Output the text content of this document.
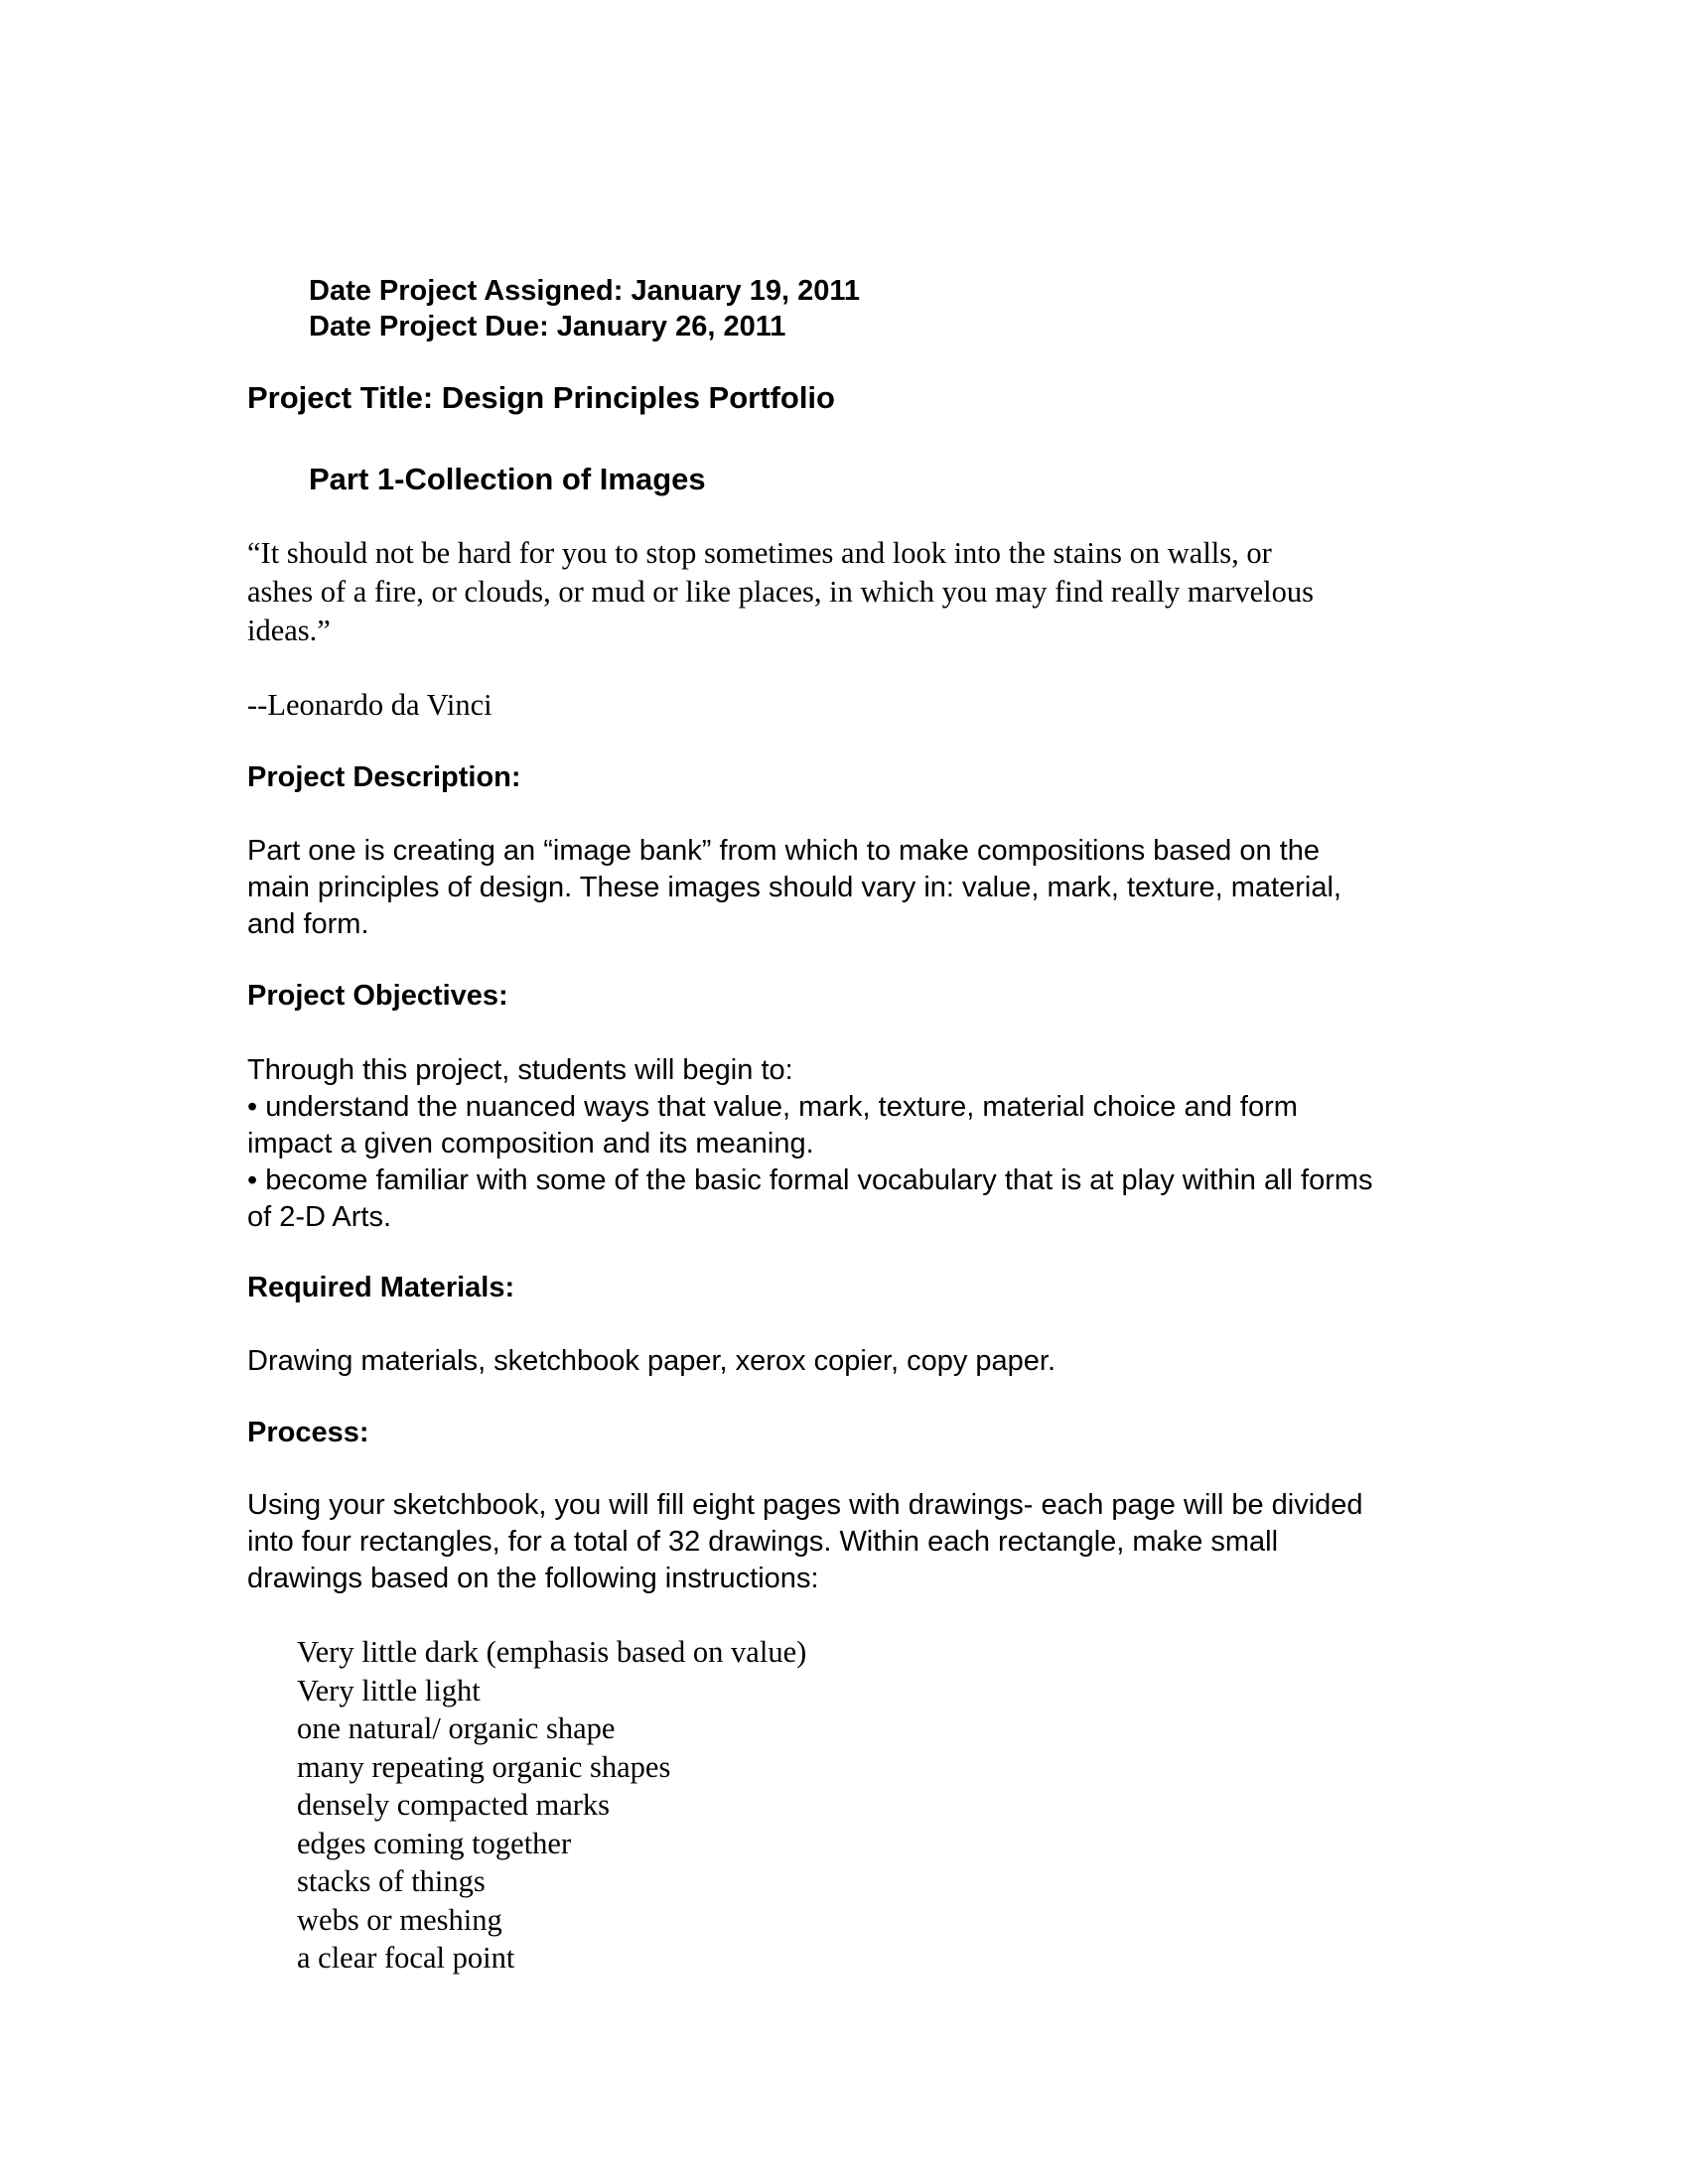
Date Project Assigned: January 19, 2011
Date Project Due: January 26, 2011
Project Title: Design Principles Portfolio
Part 1-Collection of Images
“It should not be hard for you to stop sometimes and look into the stains on walls, or
ashes of a fire, or clouds, or mud or like places, in which you may find really marvelous
ideas.”
--Leonardo da Vinci
Project Description:
Part one is creating an “image bank” from which to make compositions based on the
main principles of design. These images should vary in: value, mark, texture, material,
and form.
Project Objectives:
Through this project, students will begin to:
• understand the nuanced ways that value, mark, texture, material choice and form
impact a given composition and its meaning.
• become familiar with some of the basic formal vocabulary that is at play within all forms
of 2-D Arts.
Required Materials:
Drawing materials, sketchbook paper, xerox copier, copy paper.
Process:
Using your sketchbook, you will fill eight pages with drawings- each page will be divided
into four rectangles, for a total of 32 drawings. Within each rectangle, make small
drawings based on the following instructions:
Very little dark (emphasis based on value)
Very little light
one natural/ organic shape
many repeating organic shapes
densely compacted marks
edges coming together
stacks of things
webs or meshing
a clear focal point
